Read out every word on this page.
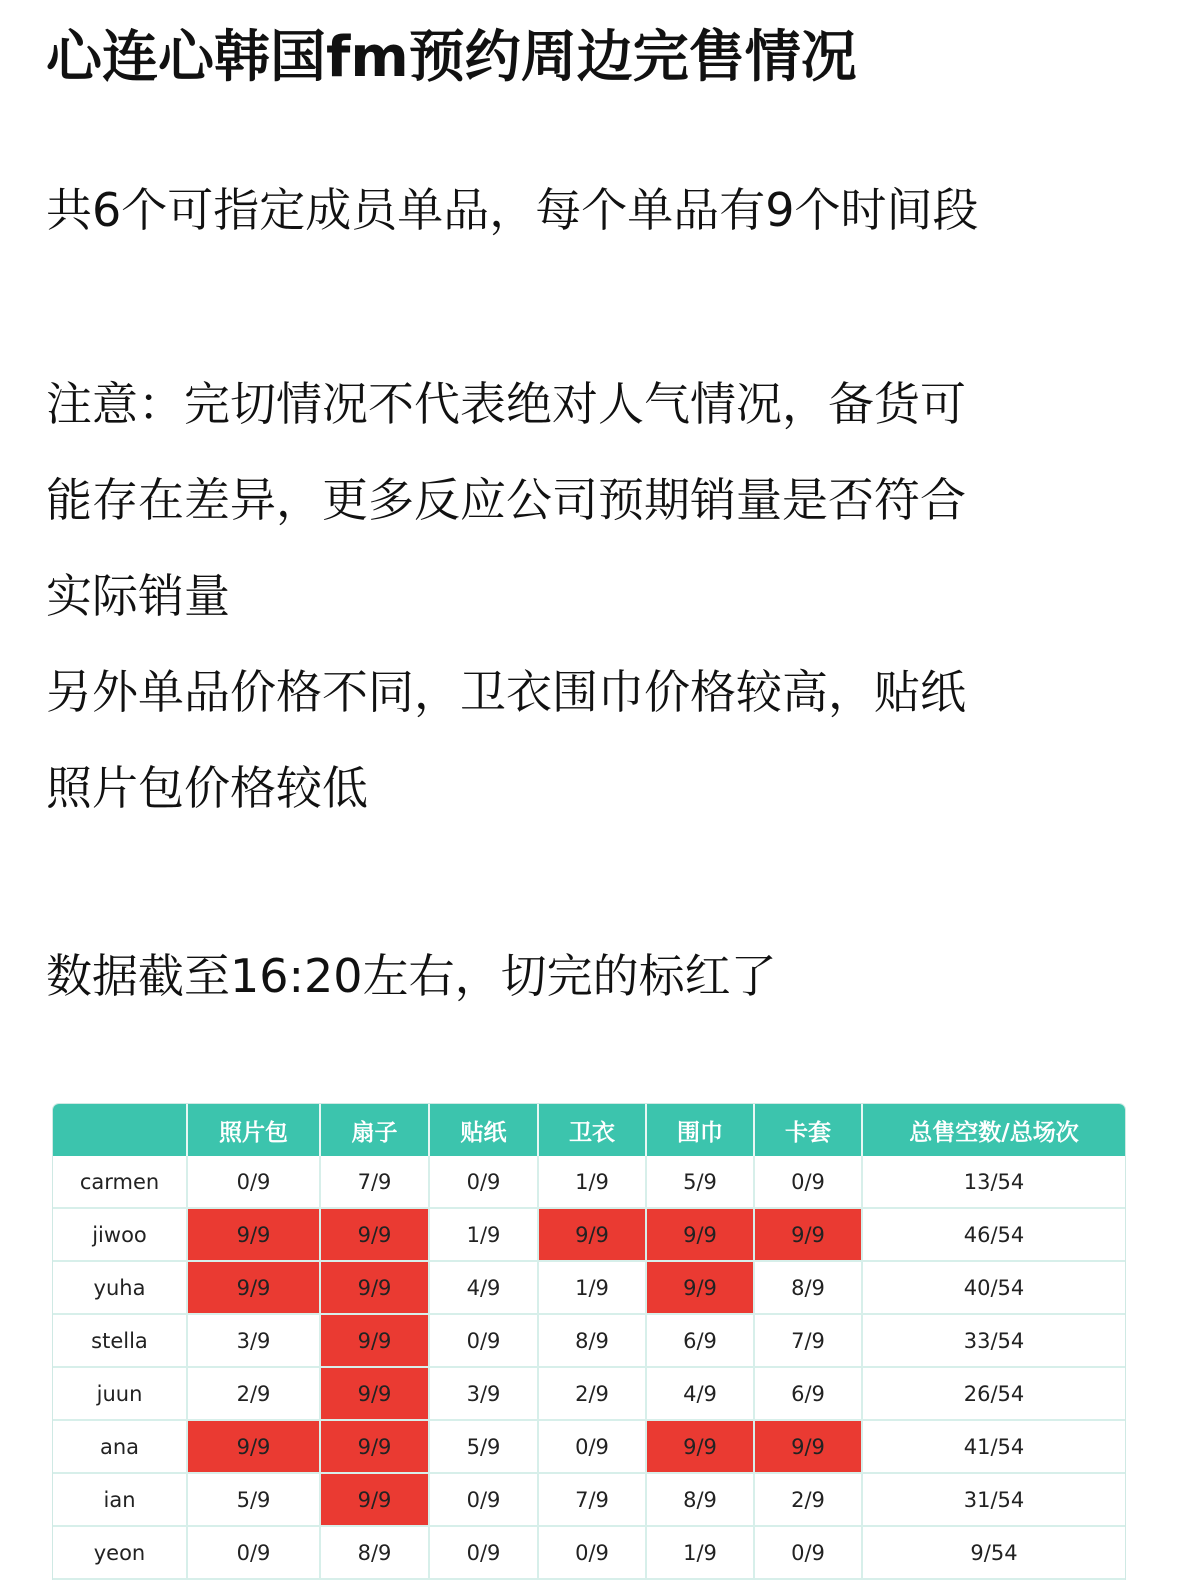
心连心韩国fm预约周边完售情况
共6个可指定成员单品，每个单品有9个时间段
注意：完切情况不代表绝对人气情况，备货可
能存在差异，更多反应公司预期销量是否符合
实际销量
另外单品价格不同，卫衣围巾价格较高，贴纸
照片包价格较低
数据截至16:20左右，切完的标红了
	照片包	扇子	贴纸	卫衣	围巾	卡套	总售空数/总场次
carmen	0/9	7/9	0/9	1/9	5/9	0/9	13/54
jiwoo	9/9	9/9	1/9	9/9	9/9	9/9	46/54
yuha	9/9	9/9	4/9	1/9	9/9	8/9	40/54
stella	3/9	9/9	0/9	8/9	6/9	7/9	33/54
juun	2/9	9/9	3/9	2/9	4/9	6/9	26/54
ana	9/9	9/9	5/9	0/9	9/9	9/9	41/54
ian	5/9	9/9	0/9	7/9	8/9	2/9	31/54
yeon	0/9	8/9	0/9	0/9	1/9	0/9	9/54
